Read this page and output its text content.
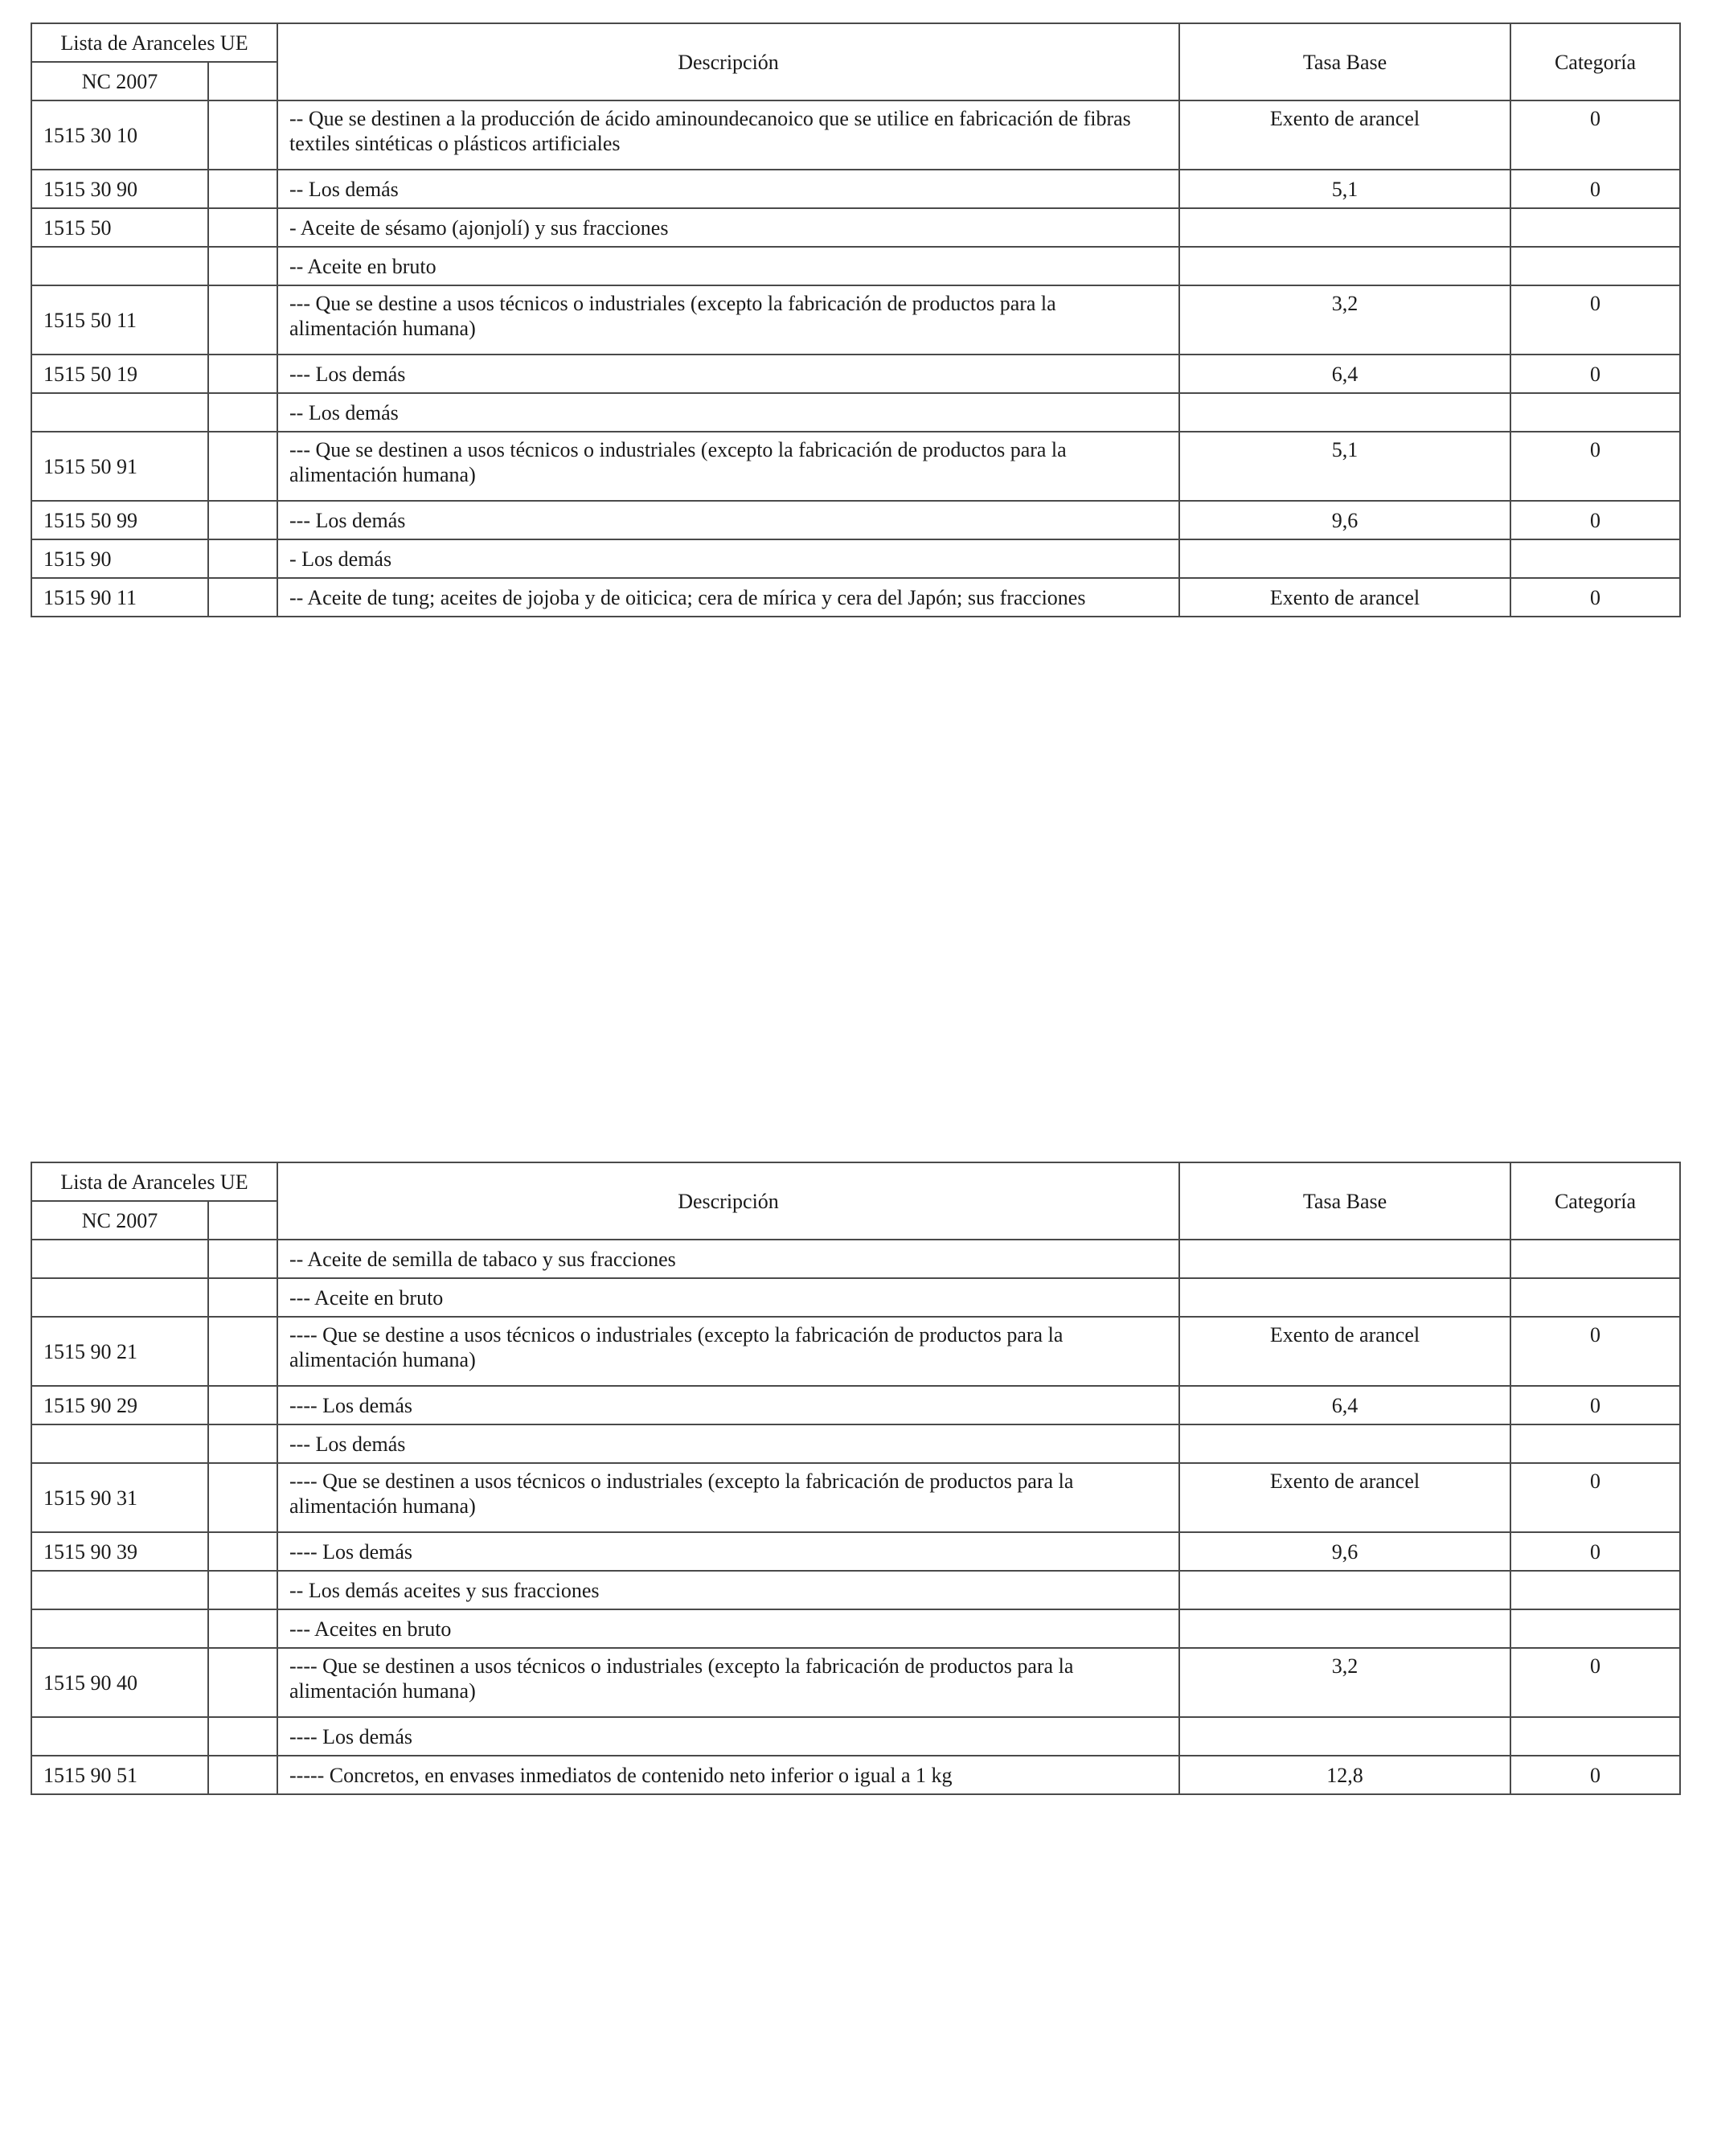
Lista de Aranceles UE		Descripción	Tasa Base	Categoría
NC 2007				
1515 30 10		-- Que se destinen a la producción de ácido aminoundecanoico que se utilice en fabricación de fibras textiles sintéticas o plásticos artificiales	Exento de arancel	0
1515 30 90		-- Los demás	5,1	0
1515 50		- Aceite de sésamo (ajonjolí) y sus fracciones		
		-- Aceite en bruto		
1515 50 11		--- Que se destine a usos técnicos o industriales (excepto la fabricación de productos para la alimentación humana)	3,2	0
1515 50 19		--- Los demás	6,4	0
		-- Los demás		
1515 50 91		--- Que se destinen a usos técnicos o industriales (excepto la fabricación de productos para la alimentación humana)	5,1	0
1515 50 99		--- Los demás	9,6	0
1515 90		- Los demás		
1515 90 11		-- Aceite de tung; aceites de jojoba y de oiticica; cera de mírica y cera del Japón; sus fracciones	Exento de arancel	0
Lista de Aranceles UE		Descripción	Tasa Base	Categoría
NC 2007				
		-- Aceite de semilla de tabaco y sus fracciones		
		--- Aceite en bruto		
1515 90 21		---- Que se destine a usos técnicos o industriales (excepto la fabricación de productos para la alimentación humana)	Exento de arancel	0
1515 90 29		---- Los demás	6,4	0
		--- Los demás		
1515 90 31		---- Que se destinen a usos técnicos o industriales (excepto la fabricación de productos para la alimentación humana)	Exento de arancel	0
1515 90 39		---- Los demás	9,6	0
		-- Los demás aceites y sus fracciones		
		--- Aceites en bruto		
1515 90 40		---- Que se destinen a usos técnicos o industriales (excepto la fabricación de productos para la alimentación humana)	3,2	0
		---- Los demás		
1515 90 51		----- Concretos, en envases inmediatos de contenido neto inferior o igual a 1 kg	12,8	0
